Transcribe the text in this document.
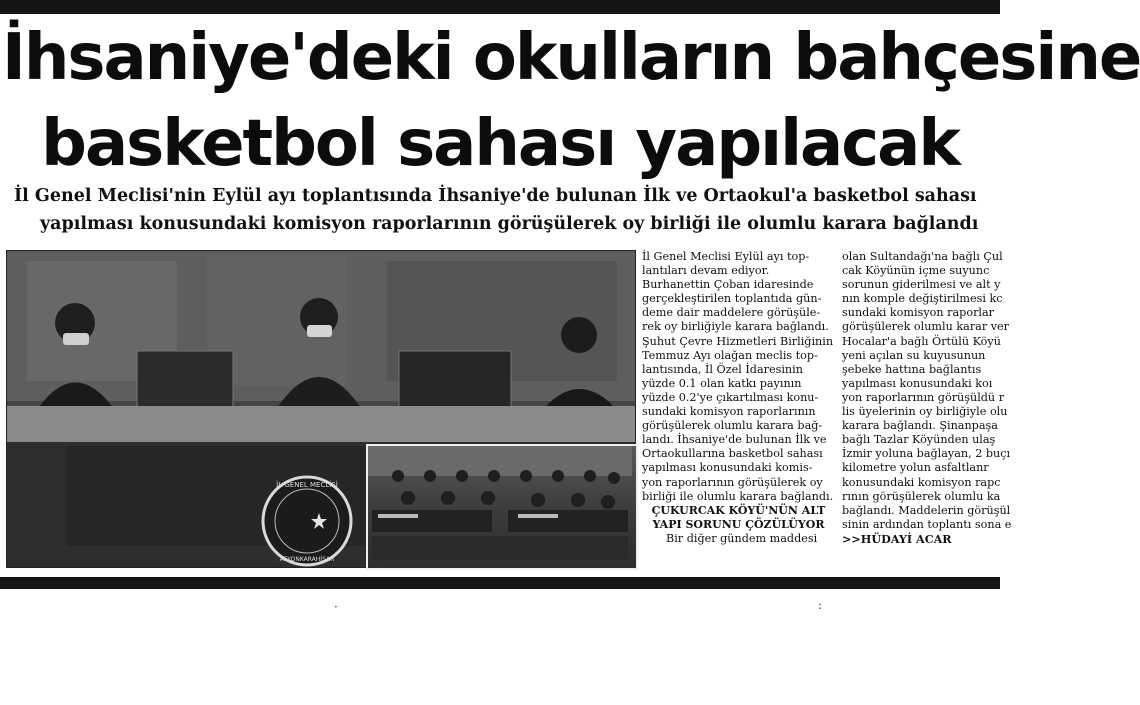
İhsaniye'deki okulların bahçesine
basketbol sahası yapılacak
İl Genel Meclisi'nin Eylül ayı toplantısında İhsaniye'de bulunan İlk ve Ortaokul'a basketbol sahası
yapılması konusundaki komisyon raporlarının görüşülerek oy birliği ile olumlu karara bağlandı
İL GENEL MECLİSİ
AFYONKARAHİSAR

İl Genel Meclisi Eylül ayı top-

lantıları devam ediyor.

Burhanettin Çoban idaresinde

gerçekleştirilen toplantıda gün-

deme dair maddelere görüşüle-

rek oy birliğiyle karara bağlandı.

Şuhut Çevre Hizmetleri Birliğinin

Temmuz Ayı olağan meclis top-

lantısında, İl Özel İdaresinin

yüzde 0.1 olan katkı payının

yüzde 0.2'ye çıkartılması konu-

sundaki komisyon raporlarının

görüşülerek olumlu karara bağ-

landı. İhsaniye'de bulunan İlk ve

Ortaokullarına basketbol sahası

yapılması konusundaki komis-

yon raporlarının görüşülerek oy

birliği ile olumlu karara bağlandı.

ÇUKURCAK KÖYÜ'NÜN ALT

YAPI SORUNU ÇÖZÜLÜYOR

Bir diğer gündem maddesi

olan Sultandağı'na bağlı Çul

cak Köyünün içme suyunc

sorunun giderilmesi ve alt y

nın komple değiştirilmesi kc

sundaki komisyon raporlar

görüşülerek olumlu karar ver

Hocalar'a bağlı Örtülü Köyü

yeni açılan su kuyusunun

şebeke hattına bağlantıs

yapılması konusundaki koı

yon raporlarının görüşüldü r

lis üyelerinin oy birliğiyle olu

karara bağlandı. Şinanpaşa

bağlı Tazlar Köyünden ulaş

İzmir yoluna bağlayan, 2 buçı

kilometre yolun asfaltlanr

konusundaki komisyon rapc

rının görüşülerek olumlu ka

bağlandı. Maddelerin görüşül

sinin ardından toplantı sona e

>>HÜDAYİ ACAR

·	:
